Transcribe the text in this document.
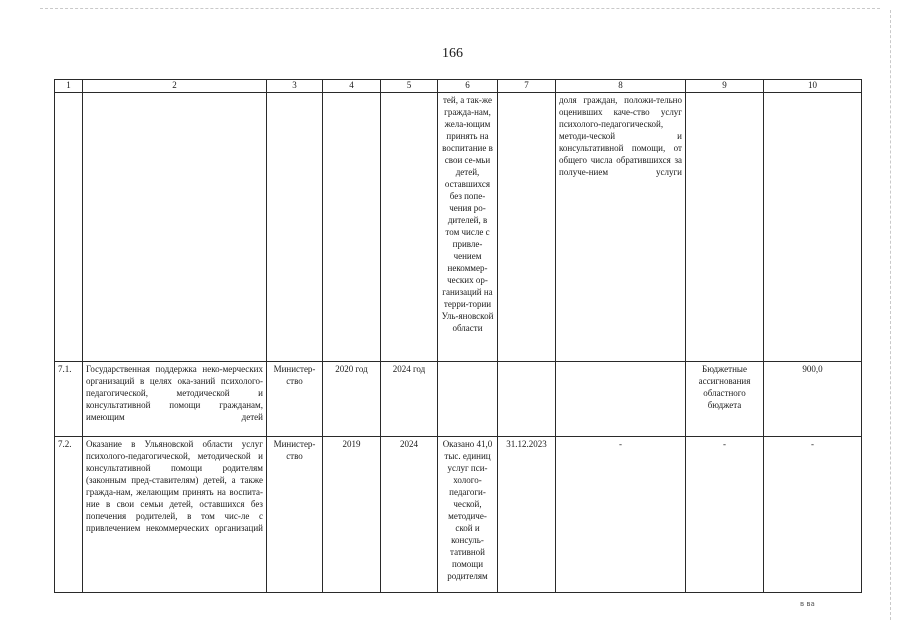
166
1	2	3	4	5	6	7	8	9	10
					тей, а так-же гражда-нам, жела-ющим принять на воспитание в свои се-мьи детей, оставшихся без попе-чения ро-дителей, в том числе с привле-чением некоммер-ческих ор-ганизаций на терри-тории Уль-яновской области		доля граждан, положи-тельно оценивших каче-ство услуг психолого-педагогической, методи-ческой и консультативной помощи, от общего числа обратившихся за получе-нием услуги		
7.1.	Государственная поддержка неко-мерческих организаций в целях ока-заний психолого-педагогической, методической и консультативной помощи гражданам, имеющим детей	Министер-ство	2020 год	2024 год				Бюджетные ассигнования областного бюджета	900,0
7.2.	Оказание в Ульяновской области услуг психолого-педагогической, методической и консультативной помощи родителям (законным пред-ставителям) детей, а также гражда-нам, желающим принять на воспита-ние в свои семьи детей, оставшихся без попечения родителей, в том чис-ле с привлечением некоммерческих организаций	Министер-ство	2019	2024	Оказано 41,0 тыс. единиц услуг пси-холого-педагоги-ческой, методиче-ской и консуль-тативной помощи родителям	31.12.2023	-	-	-
в ва
